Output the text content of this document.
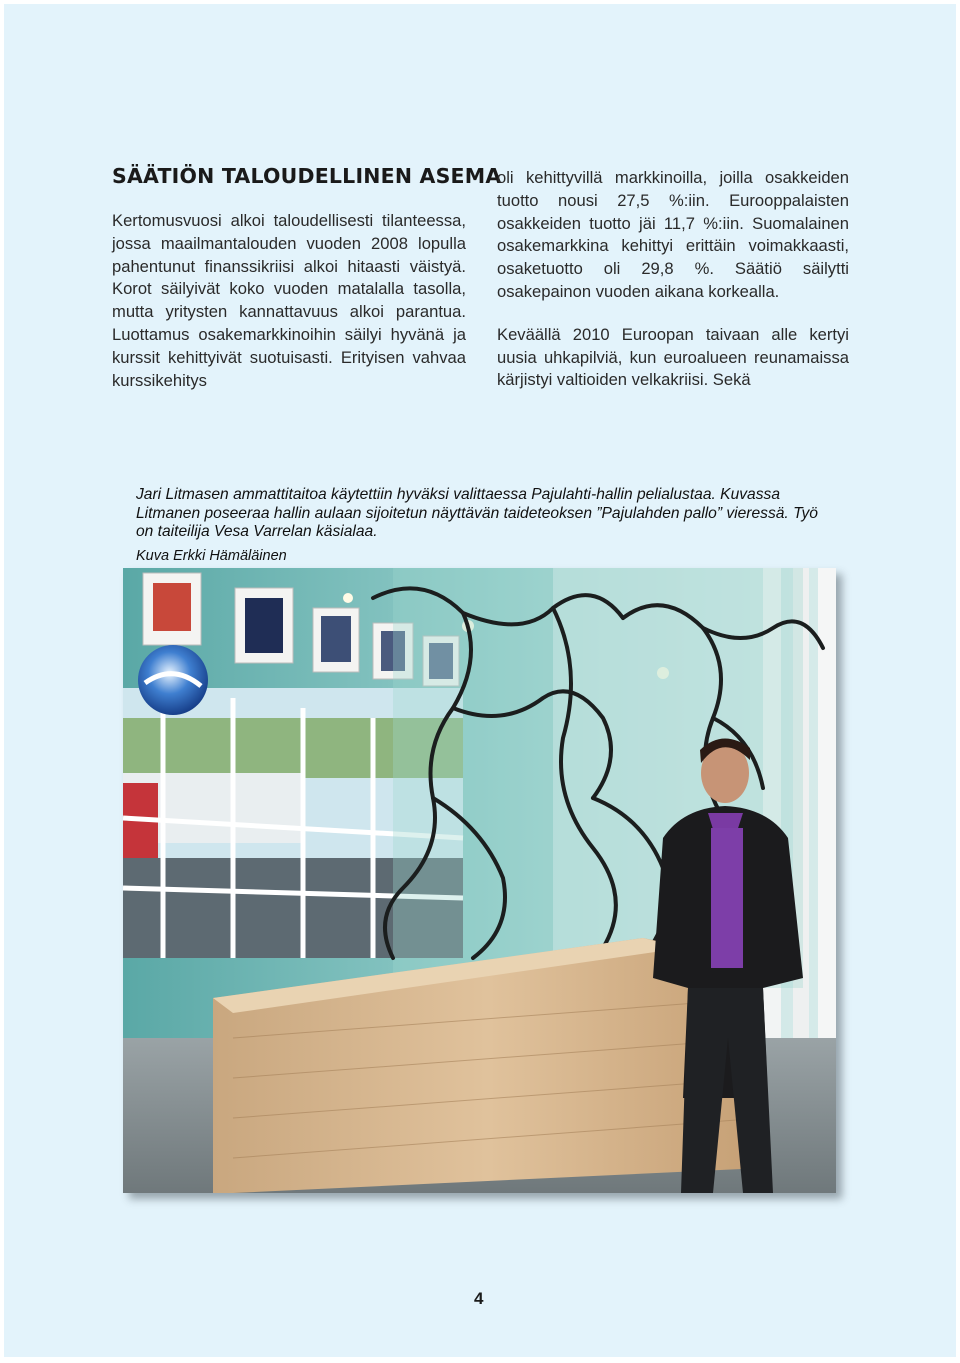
SÄÄTIÖN TALOUDELLINEN ASEMA

Kertomusvuosi alkoi taloudellisesti tilanteessa, jossa maailmantalouden vuoden 2008 lopulla pahentunut finanssikriisi alkoi hitaasti väistyä. Korot säilyivät koko vuoden matalalla tasolla, mutta yritysten kannattavuus alkoi parantua. Luottamus osakemarkkinoihin säilyi hyvänä ja kurssit kehittyivät suotuisasti. Erityisen vahvaa kurssikehitys

oli kehittyvillä markkinoilla, joilla osakkeiden tuotto nousi 27,5 %:iin. Eurooppalaisten osakkeiden tuotto jäi 11,7 %:iin. Suomalainen osakemarkkina kehittyi erittäin voimakkaasti, osaketuotto oli 29,8 %. Säätiö säilytti osakepainon vuoden aikana korkealla.

Keväällä 2010 Euroopan taivaan alle kertyi uusia uhkapilviä, kun euroalueen reunamaissa kärjistyi valtioiden velkakriisi. Sekä

Jari Litmasen ammattitaitoa käytettiin hyväksi valittaessa Pajulahti-hallin pelialustaa. Kuvassa Litmanen poseeraa hallin aulaan sijoitetun näyttävän taideteoksen ”Pajulahden pallo” vieressä. Työ on taiteilija Vesa Varrelan käsialaa.
Kuva Erkki Hämäläinen
4
